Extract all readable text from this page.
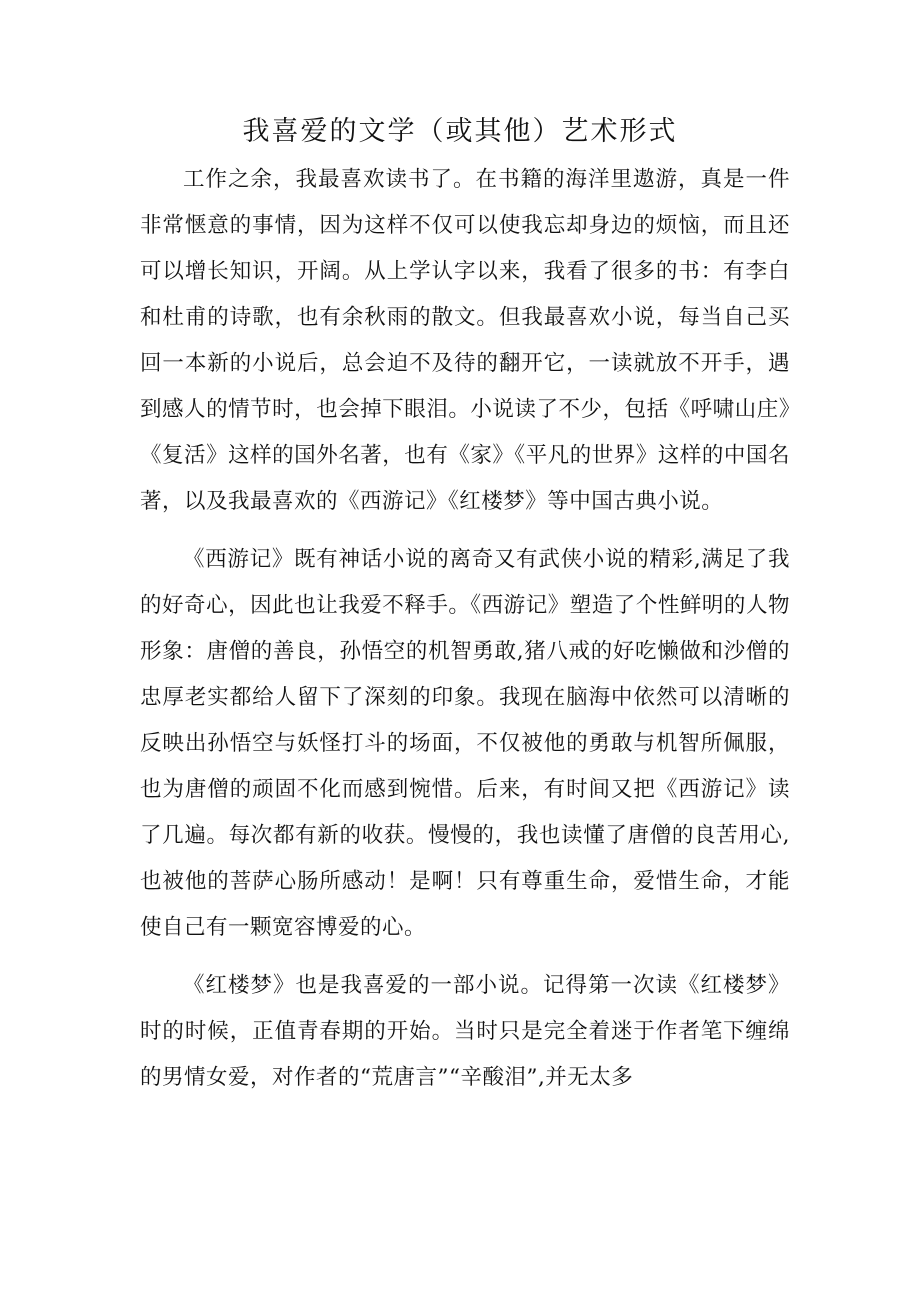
我喜爱的文学（或其他）艺术形式

工作之余，我最喜欢读书了。在书籍的海洋里遨游，真是一件非常惬意的事情，因为这样不仅可以使我忘却身边的烦恼，而且还可以增长知识，开阔。从上学认字以来，我看了很多的书：有李白和杜甫的诗歌，也有余秋雨的散文。但我最喜欢小说，每当自己买回一本新的小说后，总会迫不及待的翻开它，一读就放不开手，遇到感人的情节时，也会掉下眼泪。小说读了不少，包括《呼啸山庄》《复活》这样的国外名著，也有《家》《平凡的世界》这样的中国名著，以及我最喜欢的《西游记》《红楼梦》等中国古典小说。

《西游记》既有神话小说的离奇又有武侠小说的精彩,满足了我的好奇心，因此也让我爱不释手。《西游记》塑造了个性鲜明的人物形象：唐僧的善良，孙悟空的机智勇敢,猪八戒的好吃懒做和沙僧的忠厚老实都给人留下了深刻的印象。我现在脑海中依然可以清晰的反映出孙悟空与妖怪打斗的场面，不仅被他的勇敢与机智所佩服，也为唐僧的顽固不化而感到惋惜。后来，有时间又把《西游记》读了几遍。每次都有新的收获。慢慢的，我也读懂了唐僧的良苦用心,也被他的菩萨心肠所感动！是啊！只有尊重生命，爱惜生命，才能使自己有一颗宽容博爱的心。

《红楼梦》也是我喜爱的一部小说。记得第一次读《红楼梦》时的时候，正值青春期的开始。当时只是完全着迷于作者笔下缠绵的男情女爱，对作者的“荒唐言”“辛酸泪”,并无太多
